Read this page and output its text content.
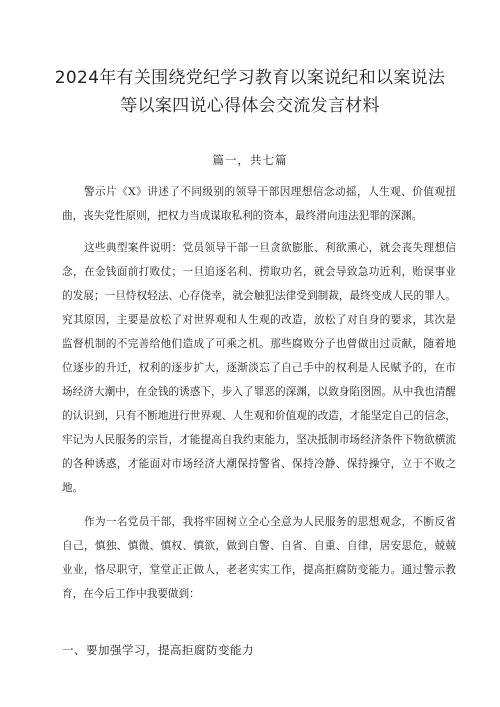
2024年有关围绕党纪学习教育以案说纪和以案说法
等以案四说心得体会交流发言材料
篇一，共七篇
警示片《X》讲述了不同级别的领导干部因理想信念动摇，人生观、价值观扭
曲，丧失党性原则，把权力当成谋取私利的资本，最终滑向违法犯罪的深渊。
这些典型案件说明：党员领导干部一旦贪欲膨胀、利欲熏心，就会丧失理想信
念，在金钱面前打败仗；一旦追逐名利、捞取功名，就会导致急功近利，贻误事业
的发展；一旦恃权轻法、心存侥幸，就会触犯法律受到制裁，最终变成人民的罪人。
究其原因，主要是放松了对世界观和人生观的改造，放松了对自身的要求，其次是
监督机制的不完善给他们造成了可乘之机。那些腐败分子也曾做出过贡献，随着地
位逐步的升迁，权利的逐步扩大，逐渐淡忘了自己手中的权利是人民赋予的，在市
场经济大潮中，在金钱的诱惑下，步入了罪恶的深渊，以致身陷囹圄。从中我也清醒
的认识到，只有不断地进行世界观、人生观和价值观的改造，才能坚定自己的信念，
牢记为人民服务的宗旨，才能提高自我约束能力，坚决抵制市场经济条件下物欲横流
的各种诱惑，才能面对市场经济大潮保持警省、保持冷静、保持操守，立于不败之
地。
作为一名党员干部，我将牢固树立全心全意为人民服务的思想观念，不断反省
自己，慎独、慎微、慎权、慎欲，做到自警、自省、自重、自律，居安思危，兢兢
业业，恪尽职守，堂堂正正做人，老老实实工作，提高拒腐防变能力。通过警示教
育，在今后工作中我要做到：
一、要加强学习，提高拒腐防变能力
